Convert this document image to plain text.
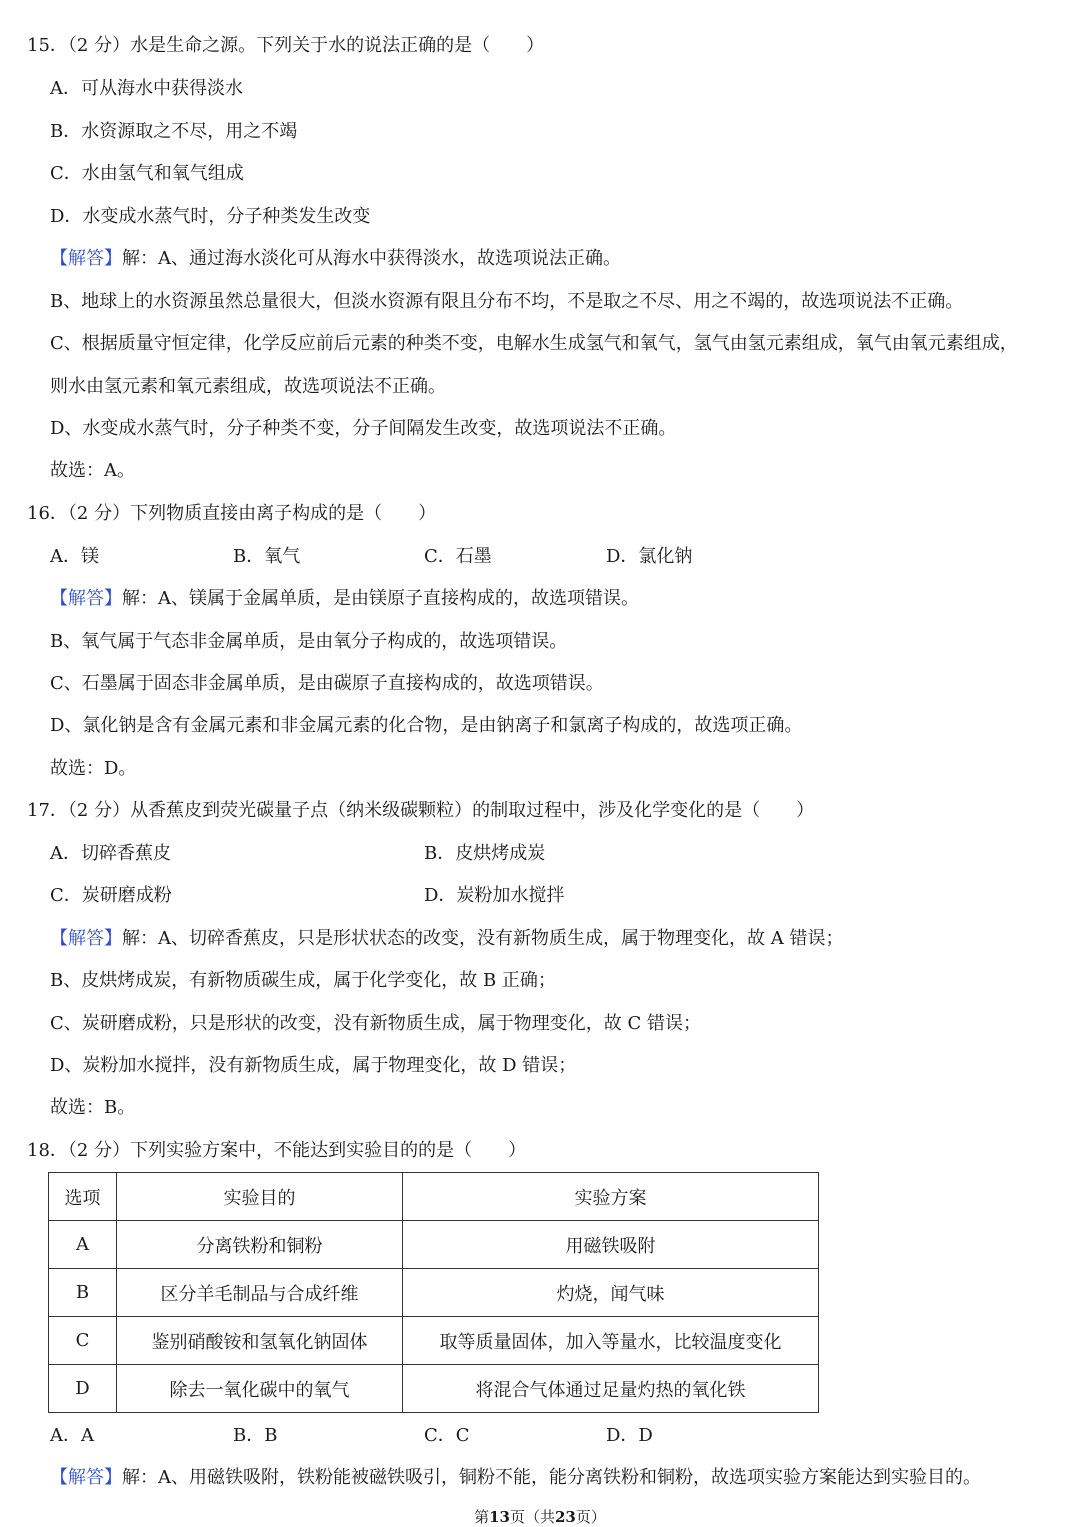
15．（2 分）水是生命之源。下列关于水的说法正确的是（　　）
A．可从海水中获得淡水
B．水资源取之不尽，用之不竭
C．水由氢气和氧气组成
D．水变成水蒸气时，分子种类发生改变
【解答】解：A、通过海水淡化可从海水中获得淡水，故选项说法正确。
B、地球上的水资源虽然总量很大，但淡水资源有限且分布不均，不是取之不尽、用之不竭的，故选项说法不正确。
C、根据质量守恒定律，化学反应前后元素的种类不变，电解水生成氢气和氧气，氢气由氢元素组成，氧气由氧元素组成，
则水由氢元素和氧元素组成，故选项说法不正确。
D、水变成水蒸气时，分子种类不变，分子间隔发生改变，故选项说法不正确。
故选：A。
16．（2 分）下列物质直接由离子构成的是（　　）
A．镁	B．氧气	C．石墨	D．氯化钠
【解答】解：A、镁属于金属单质，是由镁原子直接构成的，故选项错误。
B、氧气属于气态非金属单质，是由氧分子构成的，故选项错误。
C、石墨属于固态非金属单质，是由碳原子直接构成的，故选项错误。
D、氯化钠是含有金属元素和非金属元素的化合物，是由钠离子和氯离子构成的，故选项正确。
故选：D。
17．（2 分）从香蕉皮到荧光碳量子点（纳米级碳颗粒）的制取过程中，涉及化学变化的是（　　）
A．切碎香蕉皮	B．皮烘烤成炭
C．炭研磨成粉	D．炭粉加水搅拌
【解答】解：A、切碎香蕉皮，只是形状状态的改变，没有新物质生成，属于物理变化，故 A 错误；
B、皮烘烤成炭，有新物质碳生成，属于化学变化，故 B 正确；
C、炭研磨成粉，只是形状的改变，没有新物质生成，属于物理变化，故 C 错误；
D、炭粉加水搅拌，没有新物质生成，属于物理变化，故 D 错误；
故选：B。
18．（2 分）下列实验方案中，不能达到实验目的的是（　　）
选项	实验目的	实验方案
A	分离铁粉和铜粉	用磁铁吸附
B	区分羊毛制品与合成纤维	灼烧，闻气味
C	鉴别硝酸铵和氢氧化钠固体	取等质量固体，加入等量水，比较温度变化
D	除去一氧化碳中的氧气	将混合气体通过足量灼热的氧化铁
A．A	B．B	C．C	D．D
【解答】解：A、用磁铁吸附，铁粉能被磁铁吸引，铜粉不能，能分离铁粉和铜粉，故选项实验方案能达到实验目的。
第13页（共23页）
